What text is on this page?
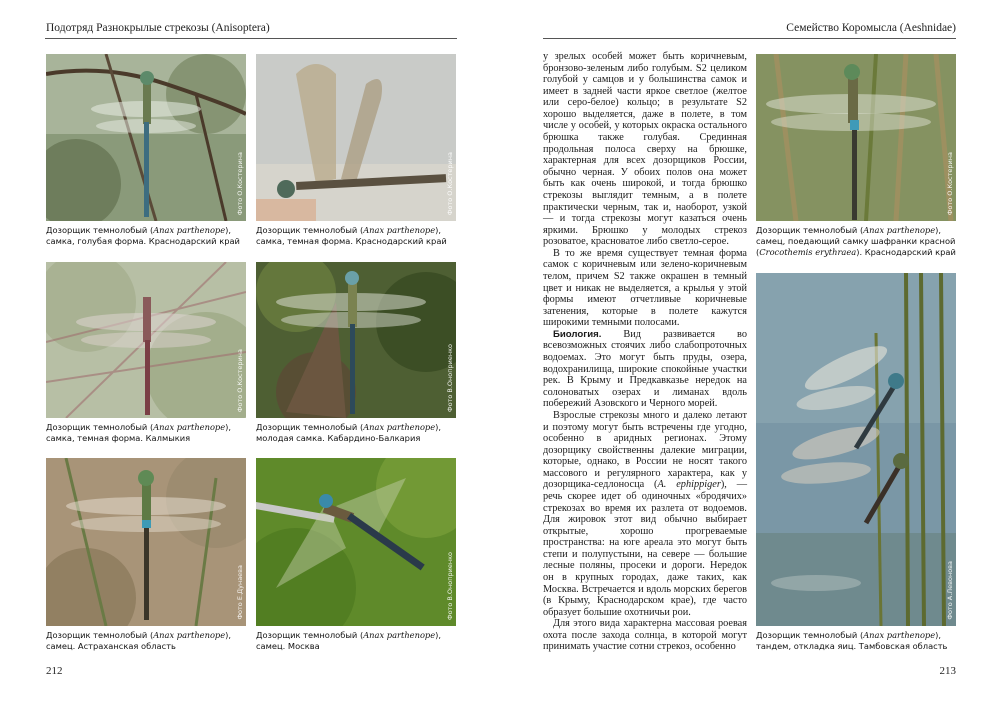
Подотряд Разнокрылые стрекозы (Anisoptera)	Семейство Коромысла (Aeshnidae)
Фото О.Костерина
Дозорщик темнолобый (Anax parthenope),
самка, голубая форма. Краснодарский край
Фото О.Костерина
Дозорщик темнолобый (Anax parthenope),
самка, темная форма. Краснодарский край
Фото О.Костерина
Дозорщик темнолобый (Anax parthenope),
самка, темная форма. Калмыкия
Фото В.Оноприенко
Дозорщик темнолобый (Anax parthenope),
молодая самка. Кабардино-Балкария
Фото Е.Дунаева
Дозорщик темнолобый (Anax parthenope),
самец. Астраханская область
Фото В.Оноприенко
Дозорщик темнолобый (Anax parthenope),
самец. Москва

у зрелых особей может быть коричневым, бронзово-зеленым либо голубым. S2 целиком голубой у самцов и у большинства самок и имеет в задней части яркое светлое (желтое или серо-белое) кольцо; в результате S2 хорошо выделяется, даже в полете, в том числе у особей, у которых окраска остального брюшка также голубая. Срединная продольная полоса сверху на брюшке, характерная для всех дозорщиков России, обычно черная. У обоих полов она может быть как очень широкой, и тогда брюшко стрекозы выглядит темным, а в полете практически черным, так и, наоборот, узкой — и тогда стрекозы могут казаться очень яркими. Брюшко у молодых стрекоз розоватое, красноватое либо светло-серое.

В то же время существует темная форма самок с коричневым или зелено-коричневым телом, причем S2 также окрашен в темный цвет и никак не выделяется, а крылья у этой формы имеют отчетливые коричневые затенения, которые в полете кажутся широкими темными полосами.

Биология. Вид развивается во всевозможных стоячих либо слабопроточных водоемах. Это могут быть пруды, озера, водохранилища, широкие спокойные участки рек. В Крыму и Предкавказье нередок на солоноватых озерах и лиманах вдоль побережий Азовского и Черного морей.

Взрослые стрекозы много и далеко летают и поэтому могут быть встречены где угодно, особенно в аридных регионах. Этому дозорщику свойственны далекие миграции, которые, однако, в России не носят такого массового и регулярного характера, как у дозорщика-седлоносца (A. ephippiger), — речь скорее идет об одиночных «бродячих» стрекозах во время их разлета от водоемов. Для жировок этот вид обычно выбирает открытые, хорошо прогреваемые пространства: на юге ареала это могут быть степи и полупустыни, на севере — большие лесные поляны, просеки и дороги. Нередок он в крупных городах, даже таких, как Москва. Встречается и вдоль морских берегов (в Крыму, Краснодарском крае), где часто образует большие охотничьи рои.

Для этого вида характерна массовая роевая охота после захода солнца, в которой могут принимать участие сотни стрекоз, особенно

Фото О.Костерина
Дозорщик темнолобый (Anax parthenope),
самец, поедающий самку шафранки красной
(Crocothemis erythraea). Краснодарский край
Фото А.Левонова
Дозорщик темнолобый (Anax parthenope),
тандем, откладка яиц. Тамбовская область
212	213
